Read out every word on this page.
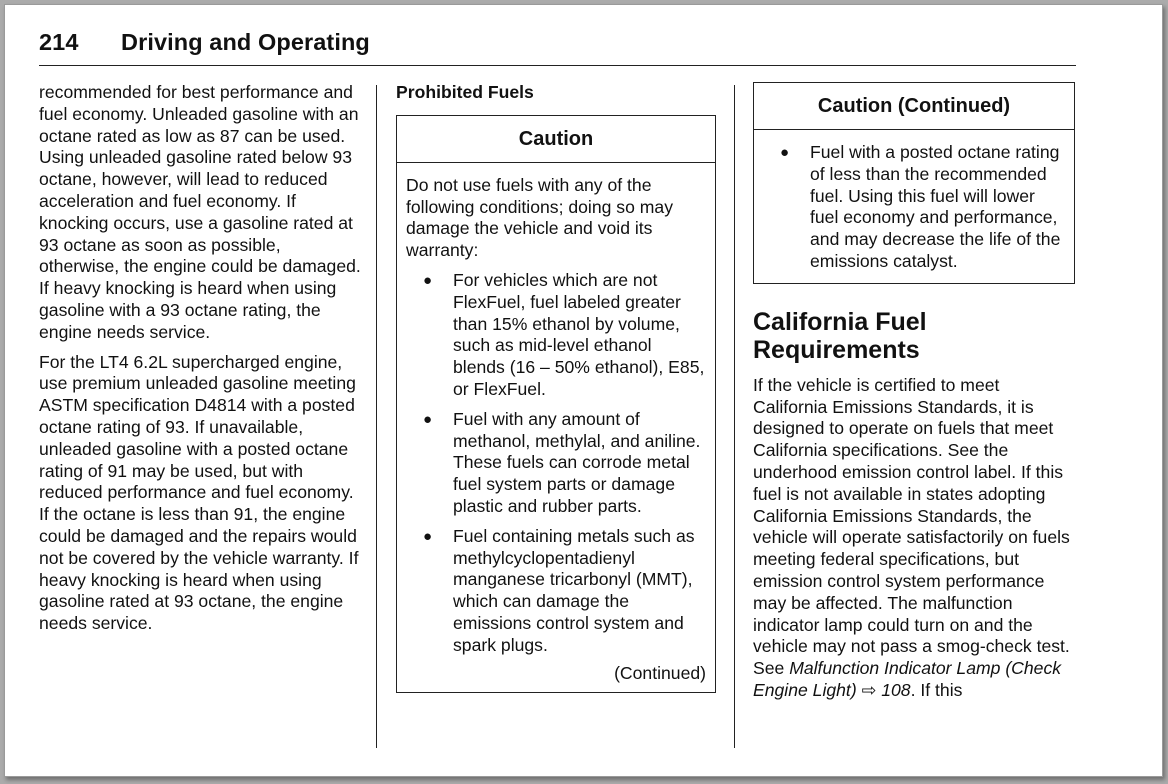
214 Driving and Operating

recommended for best performance and fuel economy. Unleaded gasoline with an octane rated as low as 87 can be used. Using unleaded gasoline rated below 93 octane, however, will lead to reduced acceleration and fuel economy. If knocking occurs, use a gasoline rated at 93 octane as soon as possible, otherwise, the engine could be damaged. If heavy knocking is heard when using gasoline with a 93 octane rating, the engine needs service.

For the LT4 6.2L supercharged engine, use premium unleaded gasoline meeting ASTM specification D4814 with a posted octane rating of 93. If unavailable, unleaded gasoline with a posted octane rating of 91 may be used, but with reduced performance and fuel economy. If the octane is less than 91, the engine could be damaged and the repairs would not be covered by the vehicle warranty. If heavy knocking is heard when using gasoline rated at 93 octane, the engine needs service.

Prohibited Fuels
Caution
Do not use fuels with any of the following conditions; doing so may damage the vehicle and void its warranty:
● For vehicles which are not FlexFuel, fuel labeled greater than 15% ethanol by volume, such as mid-level ethanol blends (16 – 50% ethanol), E85, or FlexFuel.
● Fuel with any amount of methanol, methylal, and aniline. These fuels can corrode metal fuel system parts or damage plastic and rubber parts.
● Fuel containing metals such as methylcyclopentadienyl manganese tricarbonyl (MMT), which can damage the emissions control system and spark plugs.
(Continued)
Caution (Continued)
● Fuel with a posted octane rating of less than the recommended fuel. Using this fuel will lower fuel economy and performance, and may decrease the life of the emissions catalyst.
California Fuel Requirements

If the vehicle is certified to meet California Emissions Standards, it is designed to operate on fuels that meet California specifications. See the underhood emission control label. If this fuel is not available in states adopting California Emissions Standards, the vehicle will operate satisfactorily on fuels meeting federal specifications, but emission control system performance may be affected. The malfunction indicator lamp could turn on and the vehicle may not pass a smog-check test. See Malfunction Indicator Lamp (Check Engine Light) ⇨ 108. If this
